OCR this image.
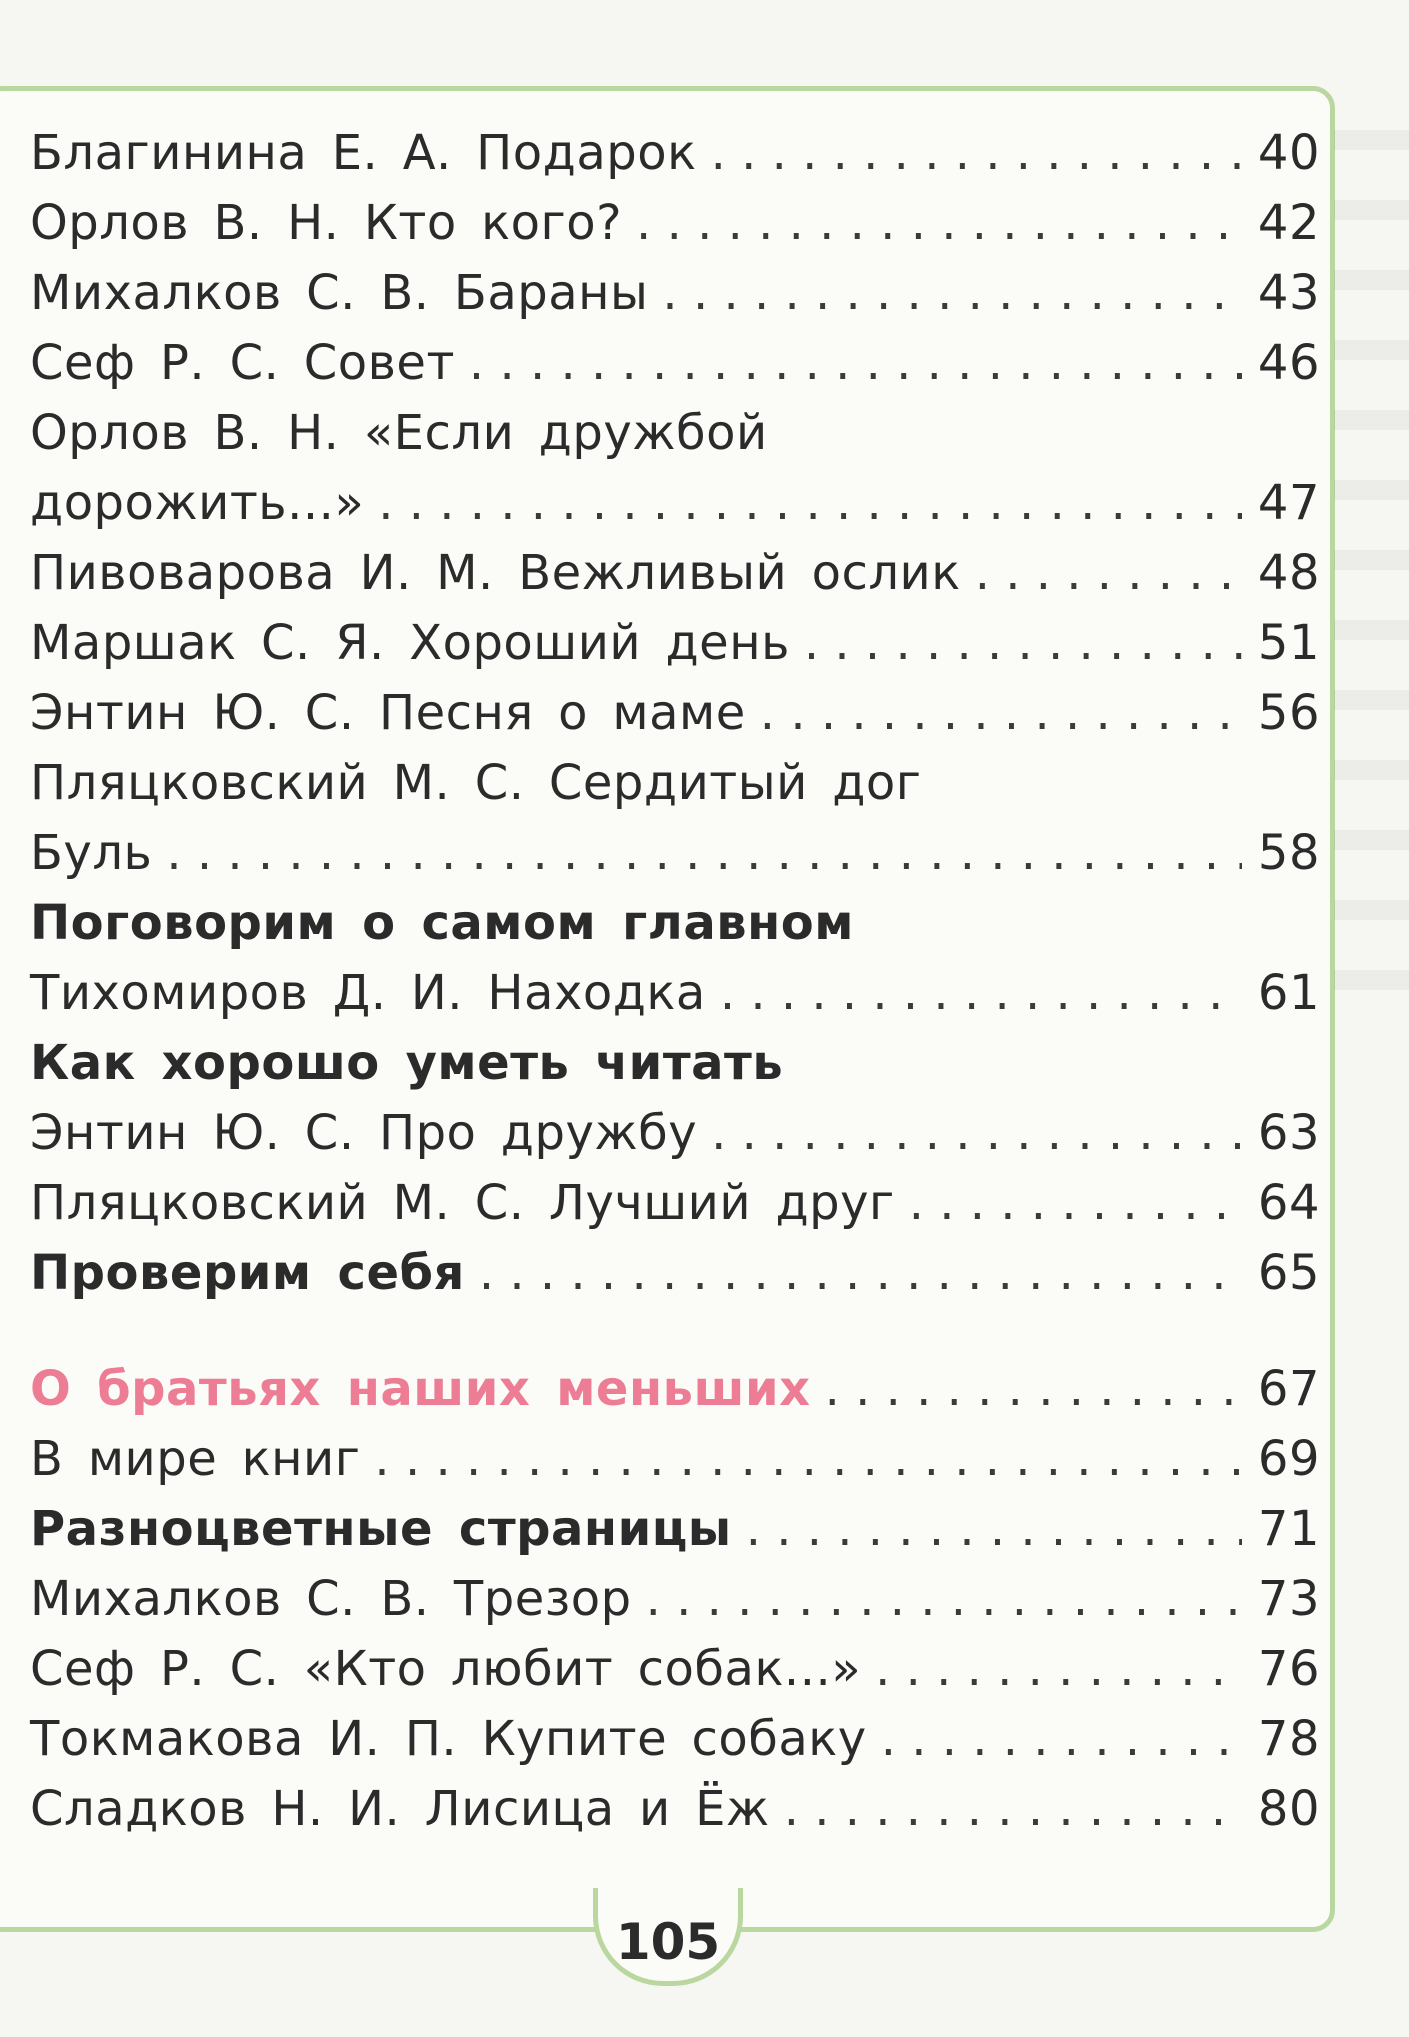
Благинина Е. А. Подарок . . .	40
Орлов В. Н. Кто кого? . . .	42
Михалков С. В. Бараны . . .	43
Сеф Р. С. Совет . . .	46
Орлов В. Н. «Если дружбой
дорожить...» . . .	47
Пивоварова И. М. Вежливый ослик . . .	48
Маршак С. Я. Хороший день . . .	51
Энтин Ю. С. Песня о маме . . .	56
Пляцковский М. С. Сердитый дог
Буль . . .	58
Поговорим о самом главном
Тихомиров Д. И. Находка . . .	61
Как хорошо уметь читать
Энтин Ю. С. Про дружбу . . .	63
Пляцковский М. С. Лучший друг . . .	64
Проверим себя . . .	65
О братьях наших меньших . . .	67
В мире книг . . .	69
Разноцветные страницы . . .	71
Михалков С. В. Трезор . . .	73
Сеф Р. С. «Кто любит собак...» . . .	76
Токмакова И. П. Купите собаку . . .	78
Сладков Н. И. Лисица и Ёж . . .	80
105
